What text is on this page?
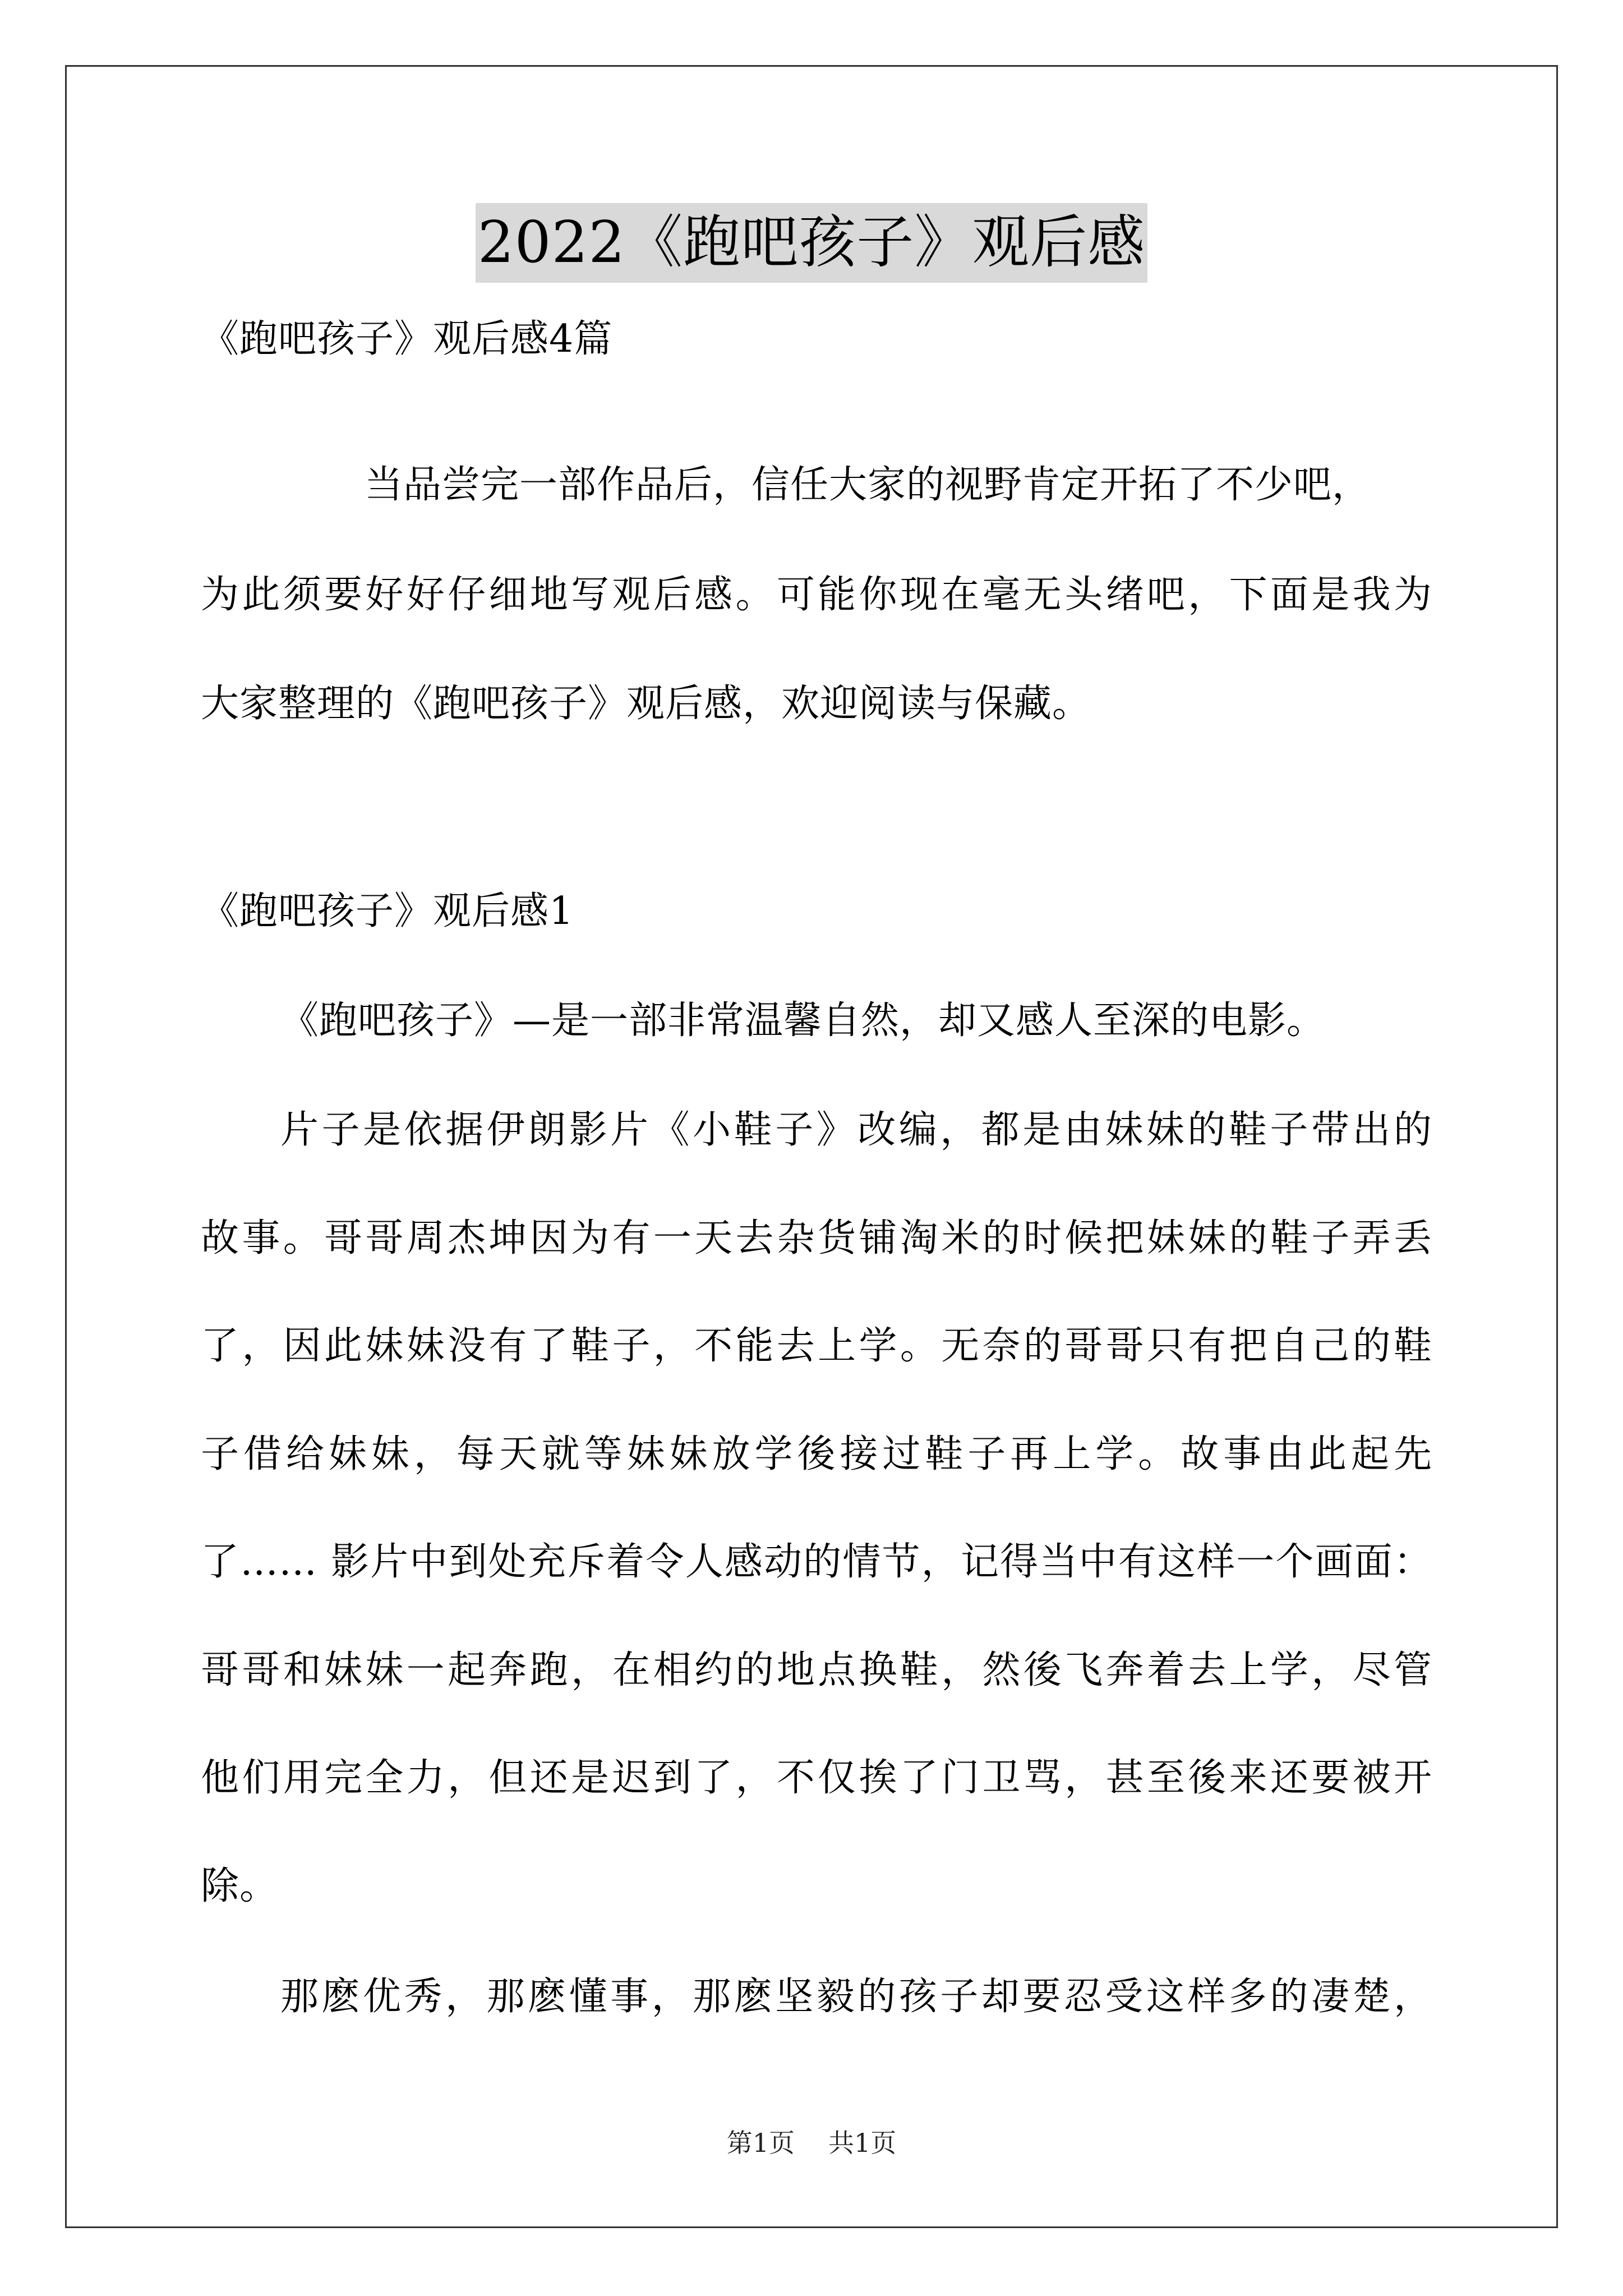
2022《跑吧孩子》观后感
《跑吧孩子》观后感4篇
当品尝完一部作品后，信任大家的视野肯定开拓了不少吧，
为此须要好好仔细地写观后感。可能你现在毫无头绪吧，下面是我为
大家整理的《跑吧孩子》观后感，欢迎阅读与保藏。
《跑吧孩子》观后感1
《跑吧孩子》—是一部非常温馨自然，却又感人至深的电影。
片子是依据伊朗影片《小鞋子》改编，都是由妹妹的鞋子带出的
故事。哥哥周杰坤因为有一天去杂货铺淘米的时候把妹妹的鞋子弄丢
了，因此妹妹没有了鞋子，不能去上学。无奈的哥哥只有把自己的鞋
子借给妹妹，每天就等妹妹放学後接过鞋子再上学。故事由此起先
了…… 影片中到处充斥着令人感动的情节，记得当中有这样一个画面：
哥哥和妹妹一起奔跑，在相约的地点换鞋，然後飞奔着去上学，尽管
他们用完全力，但还是迟到了，不仅挨了门卫骂，甚至後来还要被开
除。
那麽优秀，那麽懂事，那麽坚毅的孩子却要忍受这样多的凄楚，
第1页 共1页
